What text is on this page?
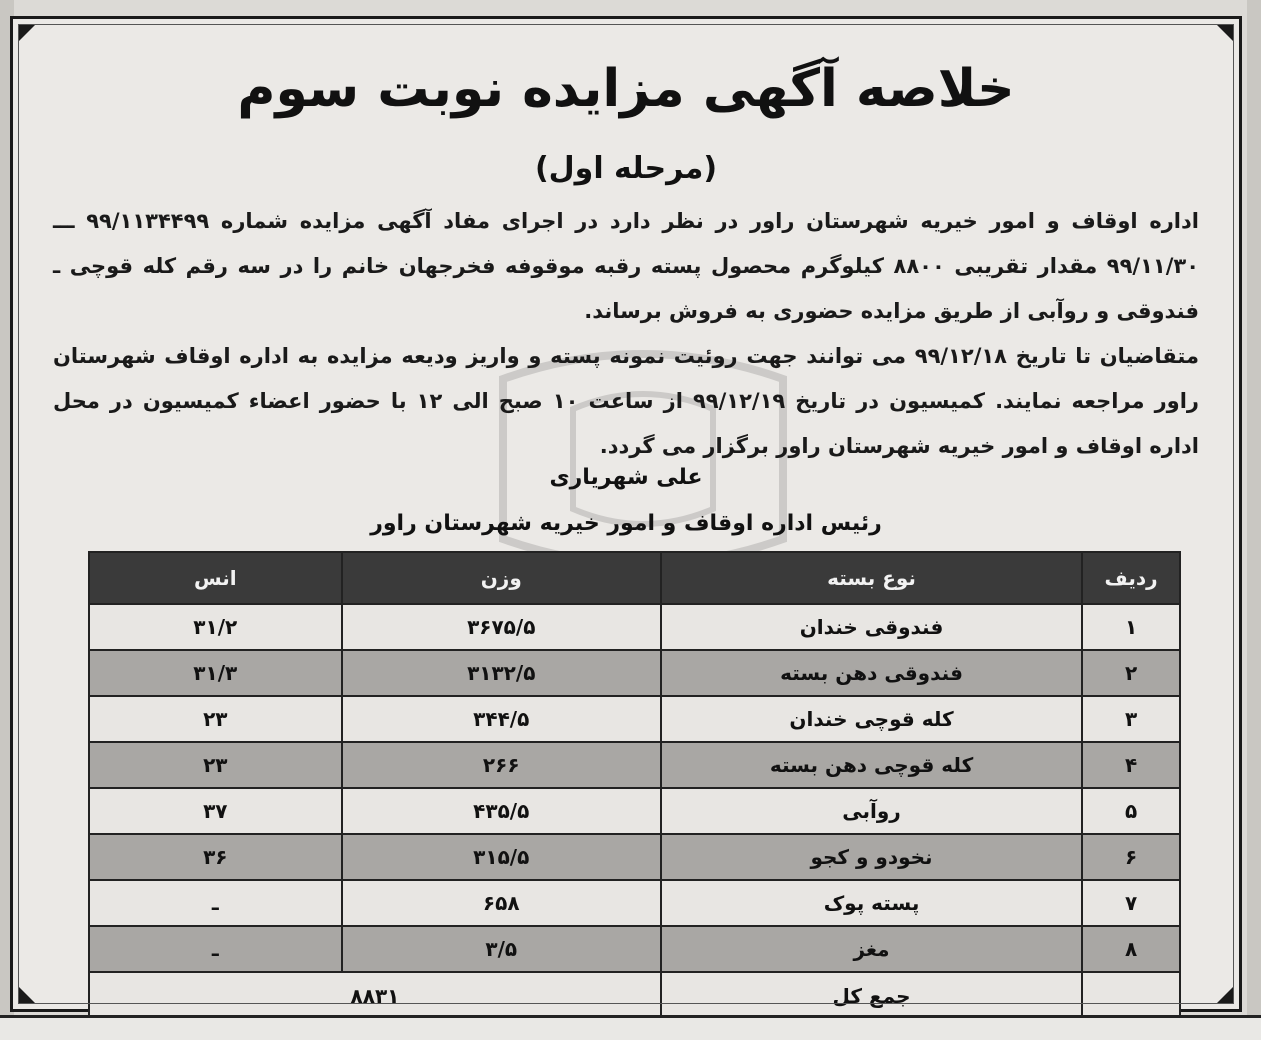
خلاصه آگهی مزایده نوبت سوم
(مرحله اول)

اداره اوقاف و امور خیریه شهرستان راور در نظر دارد در اجرای مفاد آگهی مزایده شماره ۹۹/۱۱۳۴۴۹۹ ـــ ۹۹/۱۱/۳۰ مقدار تقریبی ۸۸۰۰ کیلوگرم محصول پسته رقبه موقوفه فخرجهان خانم را در سه رقم کله قوچی ـ فندوقی و روآبی از طریق مزایده حضوری به فروش برساند.

متقاضیان تا تاریخ ۹۹/۱۲/۱۸ می توانند جهت روئیت نمونه پسته و واریز ودیعه مزایده به اداره اوقاف شهرستان راور مراجعه نمایند. کمیسیون در تاریخ ۹۹/۱۲/۱۹ از ساعت ۱۰ صبح الی ۱۲ با حضور اعضاء کمیسیون در محل اداره اوقاف و امور خیریه شهرستان راور برگزار می گردد.

علی شهریاری
رئیس اداره اوقاف و امور خیریه شهرستان راور
ردیف	نوع بسته	وزن	انس
۱	فندوقی خندان	۳۶۷۵/۵	۳۱/۲
۲	فندوقی دهن بسته	۳۱۳۲/۵	۳۱/۳
۳	کله قوچی خندان	۳۴۴/۵	۲۳
۴	کله قوچی دهن بسته	۲۶۶	۲۳
۵	روآبی	۴۳۵/۵	۳۷
۶	نخودو و کجو	۳۱۵/۵	۳۶
۷	پسته پوک	۶۵۸	ـ
۸	مغز	۳/۵	ـ
	جمع کل	۸۸۳۱	
